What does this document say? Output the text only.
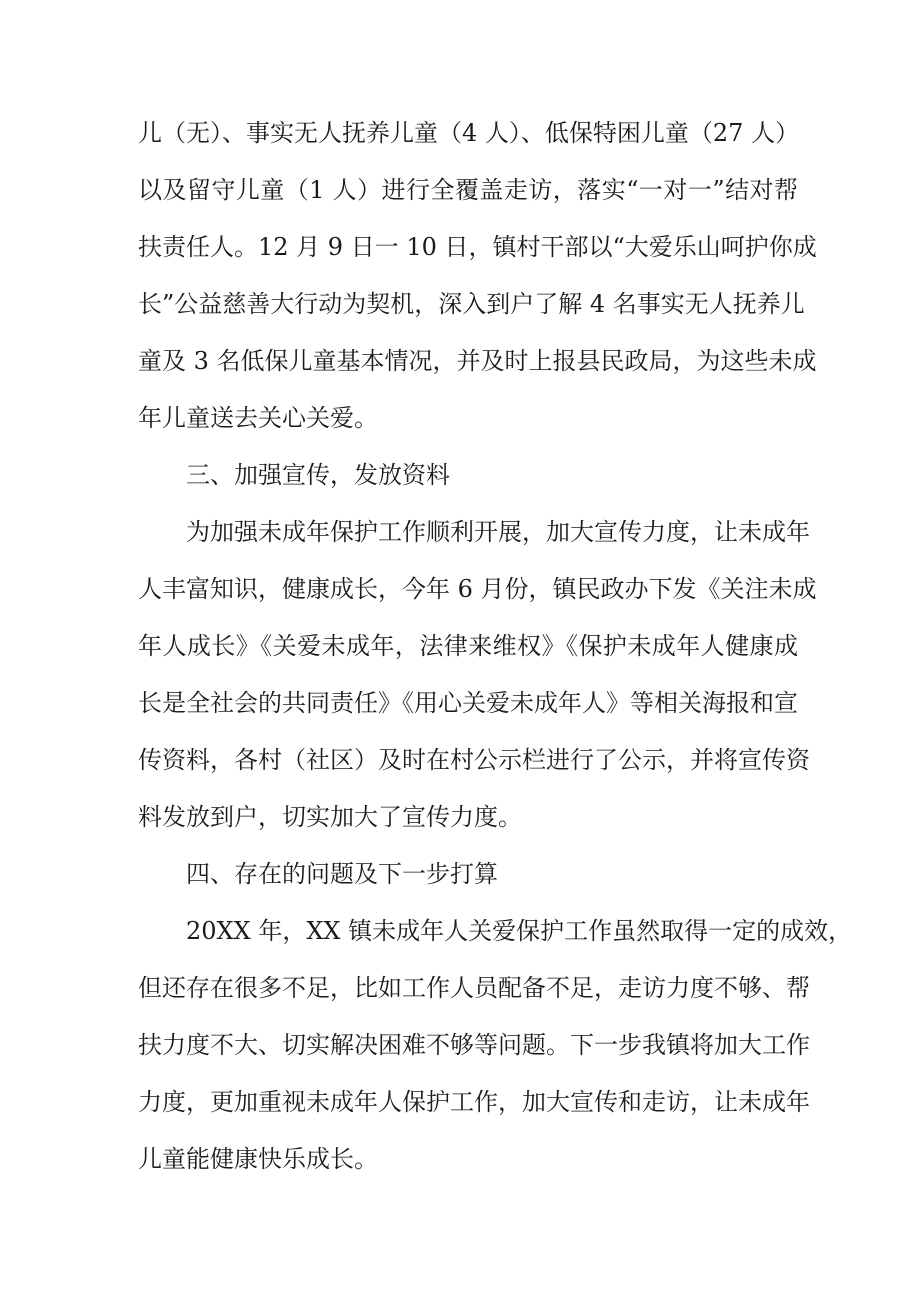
儿（无）、事实无人抚养儿童（4 人）、低保特困儿童（27 人）
以及留守儿童（1 人）进行全覆盖走访，落实“一对一”结对帮
扶责任人。12 月 9 日一 10 日，镇村干部以“大爱乐山呵护你成
长”公益慈善大行动为契机，深入到户了解 4 名事实无人抚养儿
童及 3 名低保儿童基本情况，并及时上报县民政局，为这些未成
年儿童送去关心关爱。
三、加强宣传，发放资料
为加强未成年保护工作顺利开展，加大宣传力度，让未成年
人丰富知识，健康成长，今年 6 月份，镇民政办下发《关注未成
年人成长》《关爱未成年，法律来维权》《保护未成年人健康成
长是全社会的共同责任》《用心关爱未成年人》等相关海报和宣
传资料，各村（社区）及时在村公示栏进行了公示，并将宣传资
料发放到户，切实加大了宣传力度。
四、存在的问题及下一步打算
20XX 年，XX 镇未成年人关爱保护工作虽然取得一定的成效，
但还存在很多不足，比如工作人员配备不足，走访力度不够、帮
扶力度不大、切实解决困难不够等问题。下一步我镇将加大工作
力度，更加重视未成年人保护工作，加大宣传和走访，让未成年
儿童能健康快乐成长。
